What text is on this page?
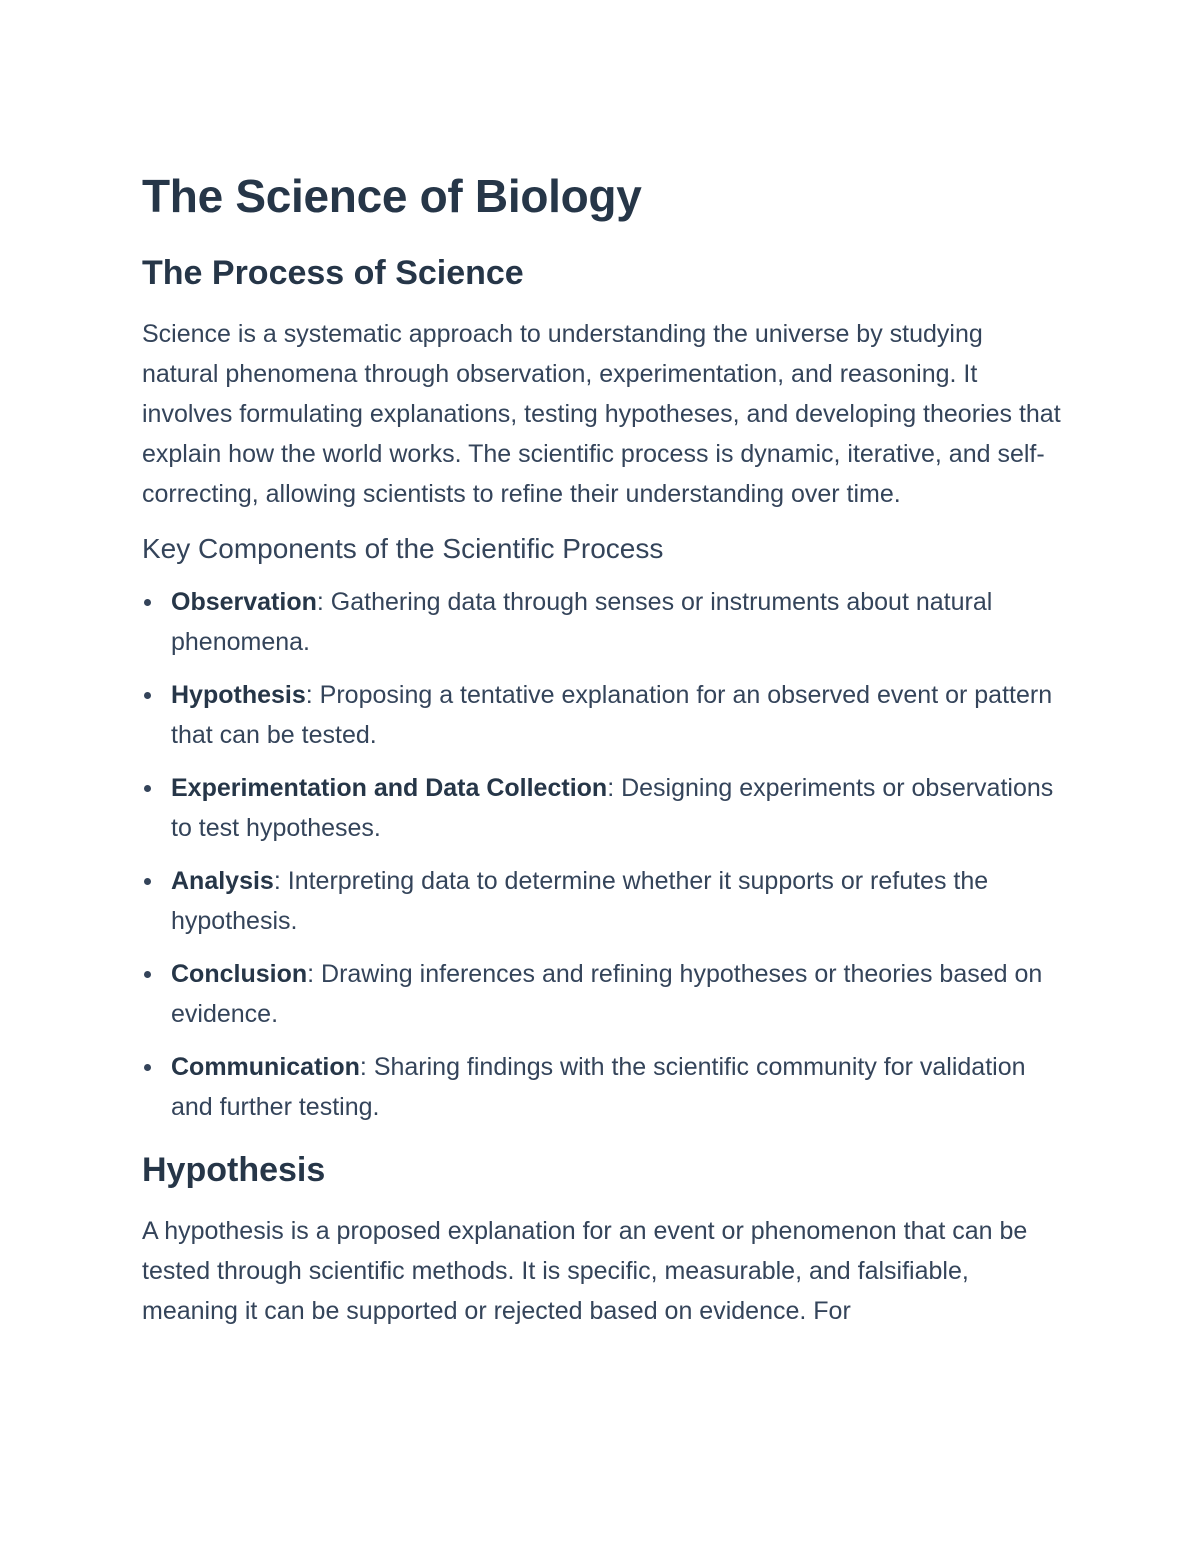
The Science of Biology
The Process of Science

Science is a systematic approach to understanding the universe by studying natural phenomena through observation, experimentation, and reasoning. It involves formulating explanations, testing hypotheses, and developing theories that explain how the world works. The scientific process is dynamic, iterative, and self-correcting, allowing scientists to refine their understanding over time.

Key Components of the Scientific Process
Observation: Gathering data through senses or instruments about natural phenomena.
Hypothesis: Proposing a tentative explanation for an observed event or pattern that can be tested.
Experimentation and Data Collection: Designing experiments or observations to test hypotheses.
Analysis: Interpreting data to determine whether it supports or refutes the hypothesis.
Conclusion: Drawing inferences and refining hypotheses or theories based on evidence.
Communication: Sharing findings with the scientific community for validation and further testing.
Hypothesis

A hypothesis is a proposed explanation for an event or phenomenon that can be tested through scientific methods. It is specific, measurable, and falsifiable, meaning it can be supported or rejected based on evidence. For
